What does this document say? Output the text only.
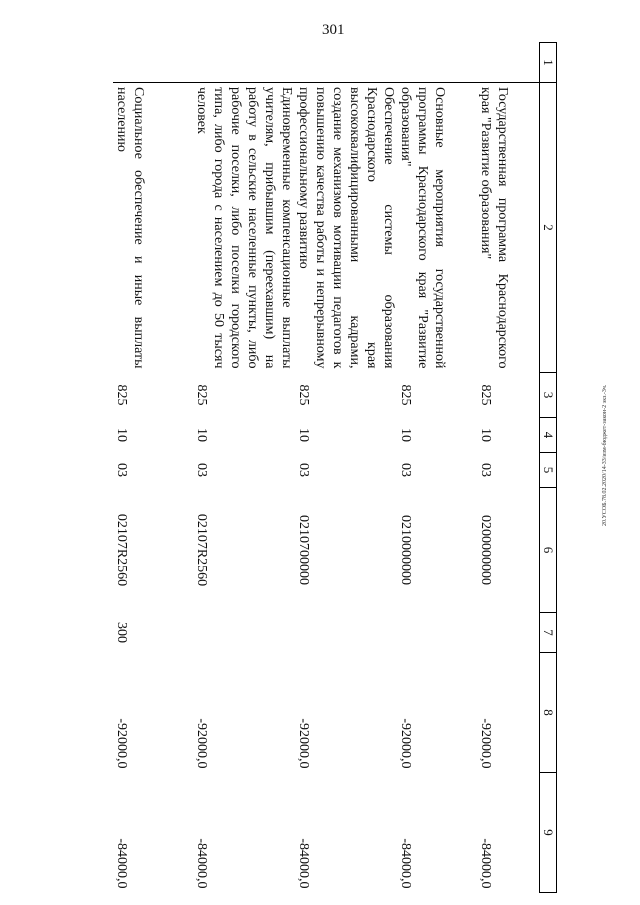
301
20.УСОБ.78.02.2020/14-33/изм-бюджет-закон-2 экз.-3ч.
1	2	3	4	5	6	7	8	9
	Государственная программа Краснодарского края "Развитие образования"	825	10	03	0200000000		-92000,0	-84000,0
	Основные мероприятия государственной программы Краснодарского края "Развитие образования"	825	10	03	0210000000		-92000,0	-84000,0
	Обеспечение системы образования Краснодарского края высококвалифицированными кадрами, создание механизмов мотивации педагогов к повышению качества работы и непрерывному профессиональному развитию	825	10	03	0210700000		-92000,0	-84000,0
	Единовременные компенсационные выплаты учителям, прибывшим (переехавшим) на работу в сельские населенные пункты, либо рабочие поселки, либо поселки городского типа, либо города с населением до 50 тысяч человек	825	10	03	02107R2560		-92000,0	-84000,0
	Социальное обеспечение и иные выплаты населению	825	10	03	02107R2560	300	-92000,0	-84000,0
